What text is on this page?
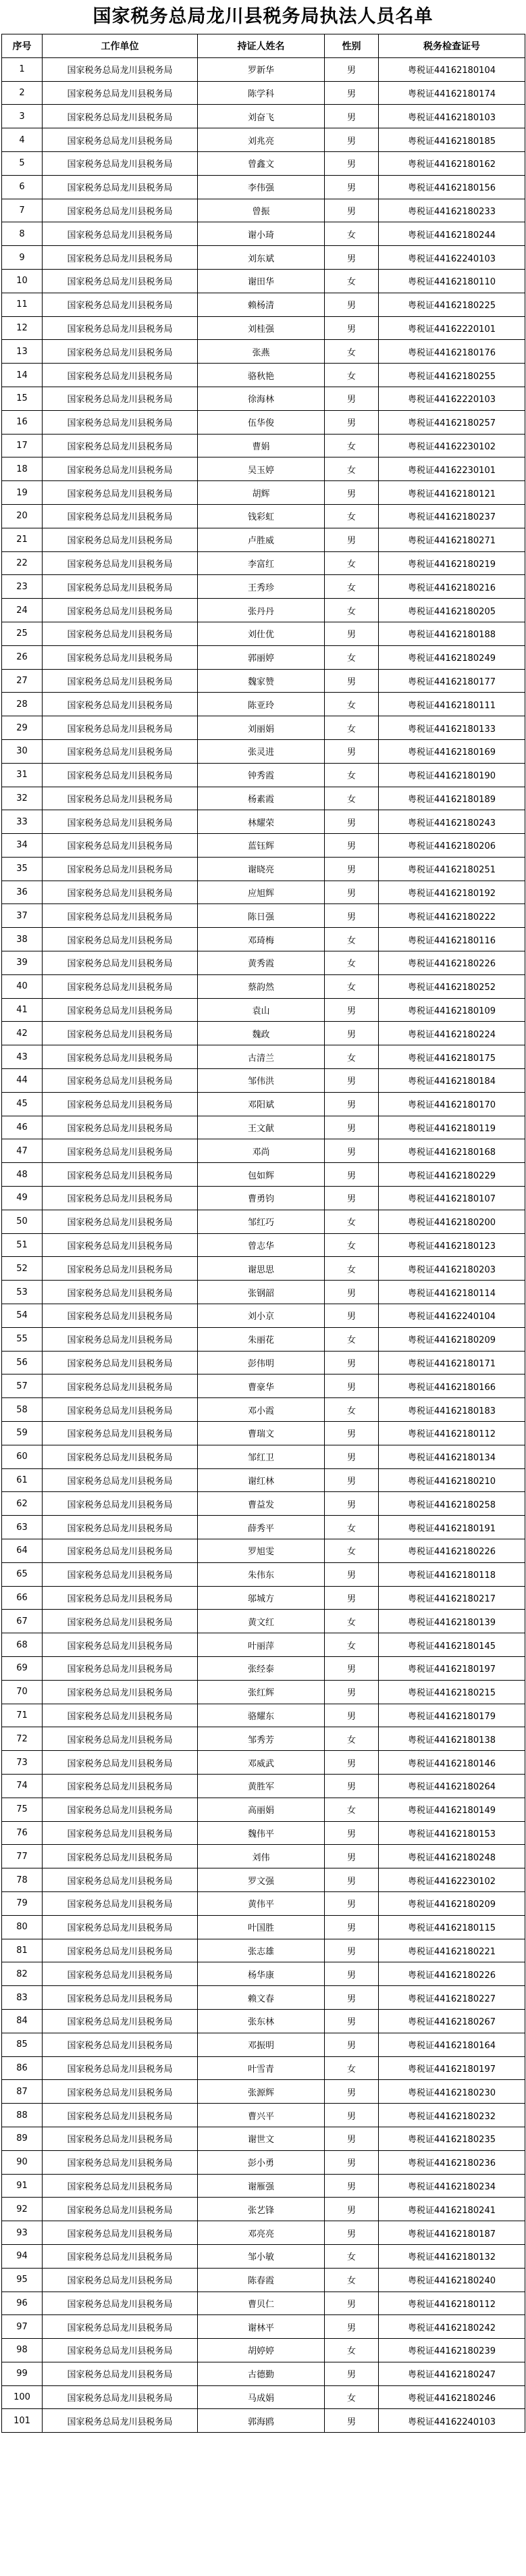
国家税务总局龙川县税务局执法人员名单
序号	工作单位	持证人姓名	性别	税务检查证号
1	国家税务总局龙川县税务局	罗新华	男	粤税证44162180104
2	国家税务总局龙川县税务局	陈学科	男	粤税证44162180174
3	国家税务总局龙川县税务局	刘奋飞	男	粤税证44162180103
4	国家税务总局龙川县税务局	刘兆亮	男	粤税证44162180185
5	国家税务总局龙川县税务局	曾鑫文	男	粤税证44162180162
6	国家税务总局龙川县税务局	李伟强	男	粤税证44162180156
7	国家税务总局龙川县税务局	曾振	男	粤税证44162180233
8	国家税务总局龙川县税务局	谢小琦	女	粤税证44162180244
9	国家税务总局龙川县税务局	刘东斌	男	粤税证44162240103
10	国家税务总局龙川县税务局	谢田华	女	粤税证44162180110
11	国家税务总局龙川县税务局	赖杨清	男	粤税证44162180225
12	国家税务总局龙川县税务局	刘桂强	男	粤税证44162220101
13	国家税务总局龙川县税务局	张燕	女	粤税证44162180176
14	国家税务总局龙川县税务局	骆秋艳	女	粤税证44162180255
15	国家税务总局龙川县税务局	徐海林	男	粤税证44162220103
16	国家税务总局龙川县税务局	伍华俊	男	粤税证44162180257
17	国家税务总局龙川县税务局	曹娟	女	粤税证44162230102
18	国家税务总局龙川县税务局	吴玉婷	女	粤税证44162230101
19	国家税务总局龙川县税务局	胡辉	男	粤税证44162180121
20	国家税务总局龙川县税务局	钱彩虹	女	粤税证44162180237
21	国家税务总局龙川县税务局	卢胜威	男	粤税证44162180271
22	国家税务总局龙川县税务局	李富红	女	粤税证44162180219
23	国家税务总局龙川县税务局	王秀珍	女	粤税证44162180216
24	国家税务总局龙川县税务局	张丹丹	女	粤税证44162180205
25	国家税务总局龙川县税务局	刘仕优	男	粤税证44162180188
26	国家税务总局龙川县税务局	郭丽婷	女	粤税证44162180249
27	国家税务总局龙川县税务局	魏家赞	男	粤税证44162180177
28	国家税务总局龙川县税务局	陈亚玲	女	粤税证44162180111
29	国家税务总局龙川县税务局	刘丽娟	女	粤税证44162180133
30	国家税务总局龙川县税务局	张灵进	男	粤税证44162180169
31	国家税务总局龙川县税务局	钟秀霞	女	粤税证44162180190
32	国家税务总局龙川县税务局	杨素霞	女	粤税证44162180189
33	国家税务总局龙川县税务局	林耀荣	男	粤税证44162180243
34	国家税务总局龙川县税务局	蓝钰辉	男	粤税证44162180206
35	国家税务总局龙川县税务局	谢晓亮	男	粤税证44162180251
36	国家税务总局龙川县税务局	应旭辉	男	粤税证44162180192
37	国家税务总局龙川县税务局	陈日强	男	粤税证44162180222
38	国家税务总局龙川县税务局	邓琦梅	女	粤税证44162180116
39	国家税务总局龙川县税务局	黄秀霞	女	粤税证44162180226
40	国家税务总局龙川县税务局	蔡韵然	女	粤税证44162180252
41	国家税务总局龙川县税务局	袁山	男	粤税证44162180109
42	国家税务总局龙川县税务局	魏政	男	粤税证44162180224
43	国家税务总局龙川县税务局	古清兰	女	粤税证44162180175
44	国家税务总局龙川县税务局	邹伟洪	男	粤税证44162180184
45	国家税务总局龙川县税务局	邓阳斌	男	粤税证44162180170
46	国家税务总局龙川县税务局	王文献	男	粤税证44162180119
47	国家税务总局龙川县税务局	邓尚	男	粤税证44162180168
48	国家税务总局龙川县税务局	包如辉	男	粤税证44162180229
49	国家税务总局龙川县税务局	曹勇钧	男	粤税证44162180107
50	国家税务总局龙川县税务局	邹红巧	女	粤税证44162180200
51	国家税务总局龙川县税务局	曾志华	女	粤税证44162180123
52	国家税务总局龙川县税务局	谢思思	女	粤税证44162180203
53	国家税务总局龙川县税务局	张钢韶	男	粤税证44162180114
54	国家税务总局龙川县税务局	刘小京	男	粤税证44162240104
55	国家税务总局龙川县税务局	朱丽花	女	粤税证44162180209
56	国家税务总局龙川县税务局	彭伟明	男	粤税证44162180171
57	国家税务总局龙川县税务局	曹豪华	男	粤税证44162180166
58	国家税务总局龙川县税务局	邓小霞	女	粤税证44162180183
59	国家税务总局龙川县税务局	曹瑞文	男	粤税证44162180112
60	国家税务总局龙川县税务局	邹红卫	男	粤税证44162180134
61	国家税务总局龙川县税务局	谢红林	男	粤税证44162180210
62	国家税务总局龙川县税务局	曹益发	男	粤税证44162180258
63	国家税务总局龙川县税务局	薛秀平	女	粤税证44162180191
64	国家税务总局龙川县税务局	罗旭雯	女	粤税证44162180226
65	国家税务总局龙川县税务局	朱伟东	男	粤税证44162180118
66	国家税务总局龙川县税务局	邬城方	男	粤税证44162180217
67	国家税务总局龙川县税务局	黄文红	女	粤税证44162180139
68	国家税务总局龙川县税务局	叶丽萍	女	粤税证44162180145
69	国家税务总局龙川县税务局	张经泰	男	粤税证44162180197
70	国家税务总局龙川县税务局	张红辉	男	粤税证44162180215
71	国家税务总局龙川县税务局	骆耀东	男	粤税证44162180179
72	国家税务总局龙川县税务局	邹秀芳	女	粤税证44162180138
73	国家税务总局龙川县税务局	邓威武	男	粤税证44162180146
74	国家税务总局龙川县税务局	黄胜军	男	粤税证44162180264
75	国家税务总局龙川县税务局	高丽娟	女	粤税证44162180149
76	国家税务总局龙川县税务局	魏伟平	男	粤税证44162180153
77	国家税务总局龙川县税务局	刘伟	男	粤税证44162180248
78	国家税务总局龙川县税务局	罗文强	男	粤税证44162230102
79	国家税务总局龙川县税务局	黄伟平	男	粤税证44162180209
80	国家税务总局龙川县税务局	叶国胜	男	粤税证44162180115
81	国家税务总局龙川县税务局	张志雄	男	粤税证44162180221
82	国家税务总局龙川县税务局	杨华康	男	粤税证44162180226
83	国家税务总局龙川县税务局	赖文春	男	粤税证44162180227
84	国家税务总局龙川县税务局	张东林	男	粤税证44162180267
85	国家税务总局龙川县税务局	邓振明	男	粤税证44162180164
86	国家税务总局龙川县税务局	叶雪青	女	粤税证44162180197
87	国家税务总局龙川县税务局	张源辉	男	粤税证44162180230
88	国家税务总局龙川县税务局	曹兴平	男	粤税证44162180232
89	国家税务总局龙川县税务局	谢世文	男	粤税证44162180235
90	国家税务总局龙川县税务局	彭小勇	男	粤税证44162180236
91	国家税务总局龙川县税务局	谢雁强	男	粤税证44162180234
92	国家税务总局龙川县税务局	张艺锋	男	粤税证44162180241
93	国家税务总局龙川县税务局	邓亮亮	男	粤税证44162180187
94	国家税务总局龙川县税务局	邹小敏	女	粤税证44162180132
95	国家税务总局龙川县税务局	陈春霞	女	粤税证44162180240
96	国家税务总局龙川县税务局	曹贝仁	男	粤税证44162180112
97	国家税务总局龙川县税务局	谢林平	男	粤税证44162180242
98	国家税务总局龙川县税务局	胡婷婷	女	粤税证44162180239
99	国家税务总局龙川县税务局	古德勤	男	粤税证44162180247
100	国家税务总局龙川县税务局	马成娟	女	粤税证44162180246
101	国家税务总局龙川县税务局	郭海鸥	男	粤税证44162240103
